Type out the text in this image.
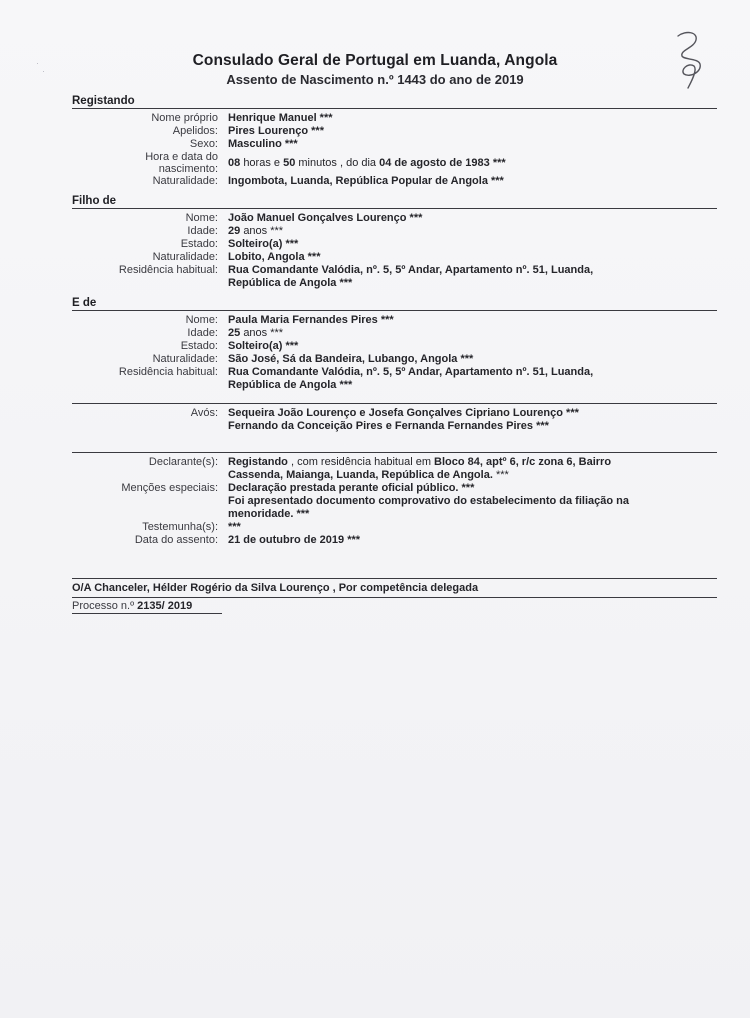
·
·
Consulado Geral de Portugal em Luanda, Angola
Assento de Nascimento n.º 1443 do ano de 2019
Registando
Nome próprio Henrique Manuel ***
Apelidos: Pires Lourenço ***
Sexo: Masculino ***
Hora e data do
nascimento: 08 horas e 50 minutos , do dia 04 de agosto de 1983 ***
Naturalidade: Ingombota, Luanda, República Popular de Angola ***
Filho de
Nome: João Manuel Gonçalves Lourenço ***
Idade: 29 anos ***
Estado: Solteiro(a) ***
Naturalidade: Lobito, Angola ***
Residência habitual: Rua Comandante Valódia, nº. 5, 5º Andar, Apartamento nº. 51, Luanda,
República de Angola ***
E de
Nome: Paula Maria Fernandes Pires ***
Idade: 25 anos ***
Estado: Solteiro(a) ***
Naturalidade: São José, Sá da Bandeira, Lubango, Angola ***
Residência habitual: Rua Comandante Valódia, nº. 5, 5º Andar, Apartamento nº. 51, Luanda,
República de Angola ***
Avós: Sequeira João Lourenço e Josefa Gonçalves Cipriano Lourenço ***
Fernando da Conceição Pires e Fernanda Fernandes Pires ***
Declarante(s): Registando , com residência habitual em Bloco 84, aptº 6, r/c zona 6, Bairro
Cassenda, Maianga, Luanda, República de Angola. ***
Menções especiais: Declaração prestada perante oficial público. ***
Foi apresentado documento comprovativo do estabelecimento da filiação na
menoridade. ***
Testemunha(s): ***
Data do assento: 21 de outubro de 2019 ***
O/A Chanceler, Hélder Rogério da Silva Lourenço , Por competência delegada
Processo n.º 2135/ 2019
